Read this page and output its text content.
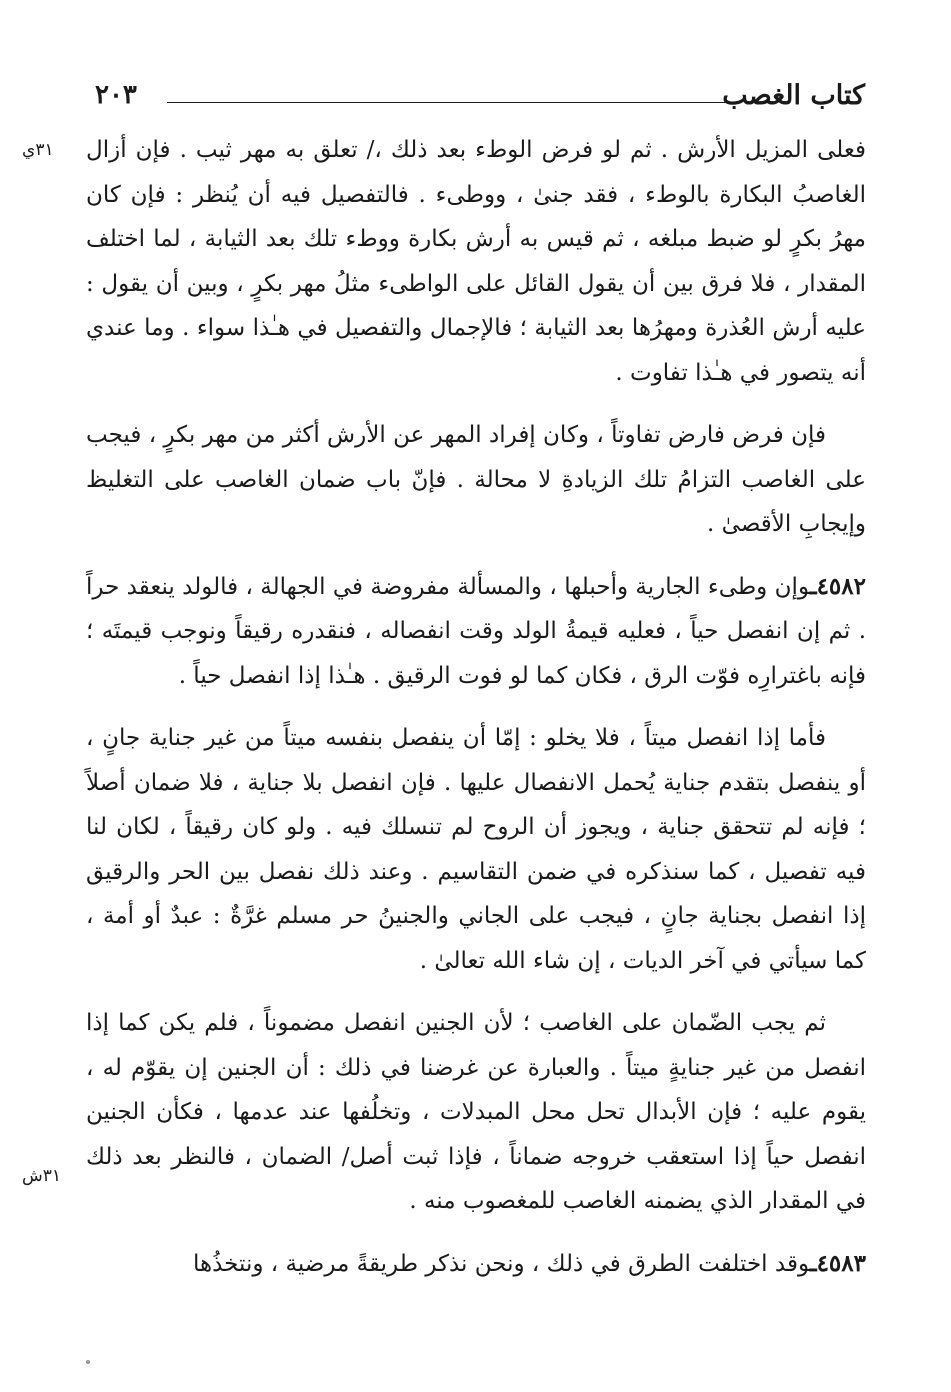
كتاب الغصب
٢٠٣
٣١ي
٣١ش

فعلى المزيل الأرش . ثم لو فرض الوطء بعد ذلك ،/ تعلق به مهر ثيب . فإن أزال الغاصبُ البكارة بالوطء ، فقد جنىٰ ، ووطىء . فالتفصيل فيه أن يُنظر : فإن كان مهرُ بكرٍ لو ضبط مبلغه ، ثم قيس به أرش بكارة ووطء تلك بعد الثيابة ، لما اختلف المقدار ، فلا فرق بين أن يقول القائل على الواطىء مثلُ مهر بكرٍ ، وبين أن يقول : عليه أرش العُذرة ومهرُها بعد الثيابة ؛ فالإجمال والتفصيل في هـٰذا سواء . وما عندي أنه يتصور في هـٰذا تفاوت .

فإن فرض فارض تفاوتاً ، وكان إفراد المهر عن الأرش أكثر من مهر بكرٍ ، فيجب على الغاصب التزامُ تلك الزيادةِ لا محالة . فإنّ باب ضمان الغاصب على التغليظ وإيجابِ الأقصىٰ .

٤٥٨٢ـوإن وطىء الجارية وأحبلها ، والمسألة مفروضة في الجهالة ، فالولد ينعقد حراً . ثم إن انفصل حياً ، فعليه قيمةُ الولد وقت انفصاله ، فنقدره رقيقاً ونوجب قيمتَه ؛ فإنه باغترارِه فوّت الرق ، فكان كما لو فوت الرقيق . هـٰذا إذا انفصل حياً .

فأما إذا انفصل ميتاً ، فلا يخلو : إمّا أن ينفصل بنفسه ميتاً من غير جناية جانٍ ، أو ينفصل بتقدم جناية يُحمل الانفصال عليها . فإن انفصل بلا جناية ، فلا ضمان أصلاً ؛ فإنه لم تتحقق جناية ، ويجوز أن الروح لم تنسلك فيه . ولو كان رقيقاً ، لكان لنا فيه تفصيل ، كما سنذكره في ضمن التقاسيم . وعند ذلك نفصل بين الحر والرقيق إذا انفصل بجناية جانٍ ، فيجب على الجاني والجنينُ حر مسلم غرَّةٌ : عبدٌ أو أمة ، كما سيأتي في آخر الديات ، إن شاء الله تعالىٰ .

ثم يجب الضّمان على الغاصب ؛ لأن الجنين انفصل مضموناً ، فلم يكن كما إذا انفصل من غير جنايةٍ ميتاً . والعبارة عن غرضنا في ذلك : أن الجنين إن يقوّم له ، يقوم عليه ؛ فإن الأبدال تحل محل المبدلات ، وتخلُفها عند عدمها ، فكأن الجنين انفصل حياً إذا استعقب خروجه ضماناً ، فإذا ثبت أصل/ الضمان ، فالنظر بعد ذلك في المقدار الذي يضمنه الغاصب للمغصوب منه .

٤٥٨٣ـوقد اختلفت الطرق في ذلك ، ونحن نذكر طريقةً مرضية ، ونتخذُها
